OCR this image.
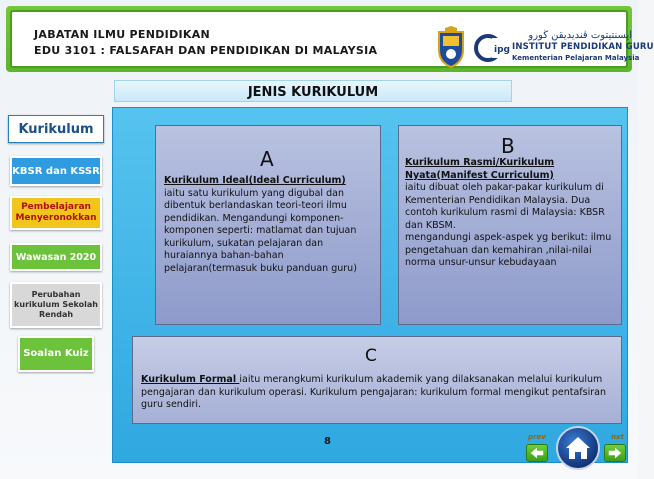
JABATAN ILMU PENDIDIKAN
EDU 3101 : FALSAFAH DAN PENDIDIKAN DI MALAYSIA	ipg
ايسنتيتوت ڤنديديقن ڬورو
INSTITUT PENDIDIKAN GURU
Kementerian Pelajaran Malaysia
JENIS KURIKULUM
Kurikulum
KBSR dan KSSR
Pembelajaran Menyeronokkan
Wawasan 2020
Perubahan kurikulum Sekolah Rendah
Soalan Kuiz
A
Kurikulum Ideal(Ideal Curriculum)
iaitu satu kurikulum yang digubal dan dibentuk berlandaskan teori-teori ilmu pendidikan. Mengandungi komponen-komponen seperti: matlamat dan tujuan kurikulum, sukatan pelajaran dan huraiannya bahan-bahan pelajaran(termasuk buku panduan guru)
B
Kurikulum Rasmi/Kurikulum Nyata(Manifest Curriculum)
iaitu dibuat oleh pakar-pakar kurikulum di Kementerian Pendidikan Malaysia. Dua contoh kurikulum rasmi di Malaysia: KBSR dan KBSM.
mengandungi aspek-aspek yg berikut: ilmu pengetahuan dan kemahiran ,nilai-nilai norma unsur-unsur kebudayaan
C
Kurikulum Formal iaitu merangkumi kurikulum akademik yang dilaksanakan melalui kurikulum pengajaran dan kurikulum operasi. Kurikulum pengajaran: kurikulum formal mengikut pentafsiran guru sendiri.
8	prev	nxt
